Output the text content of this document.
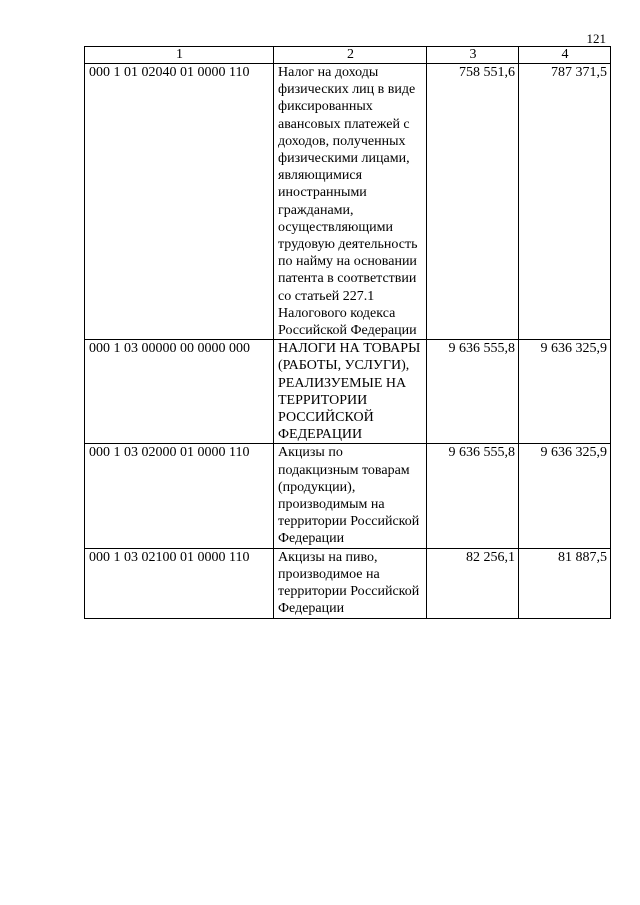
121
1	2	3	4
000 1 01 02040 01 0000 110	Налог на доходы физических лиц в виде фиксированных авансовых платежей с доходов, полученных физическими лицами, являющимися иностранными гражданами, осуществляющими трудовую деятельность по найму на основании патента в соответствии со статьей 227.1 Налогового кодекса Российской Федерации	758 551,6	787 371,5
000 1 03 00000 00 0000 000	НАЛОГИ НА ТОВАРЫ (РАБОТЫ, УСЛУГИ), РЕАЛИЗУЕМЫЕ НА ТЕРРИТОРИИ РОССИЙСКОЙ ФЕДЕРАЦИИ	9 636 555,8	9 636 325,9
000 1 03 02000 01 0000 110	Акцизы по подакцизным товарам (продукции), производимым на территории Российской Федерации	9 636 555,8	9 636 325,9
000 1 03 02100 01 0000 110	Акцизы на пиво, производимое на территории Российской Федерации	82 256,1	81 887,5
